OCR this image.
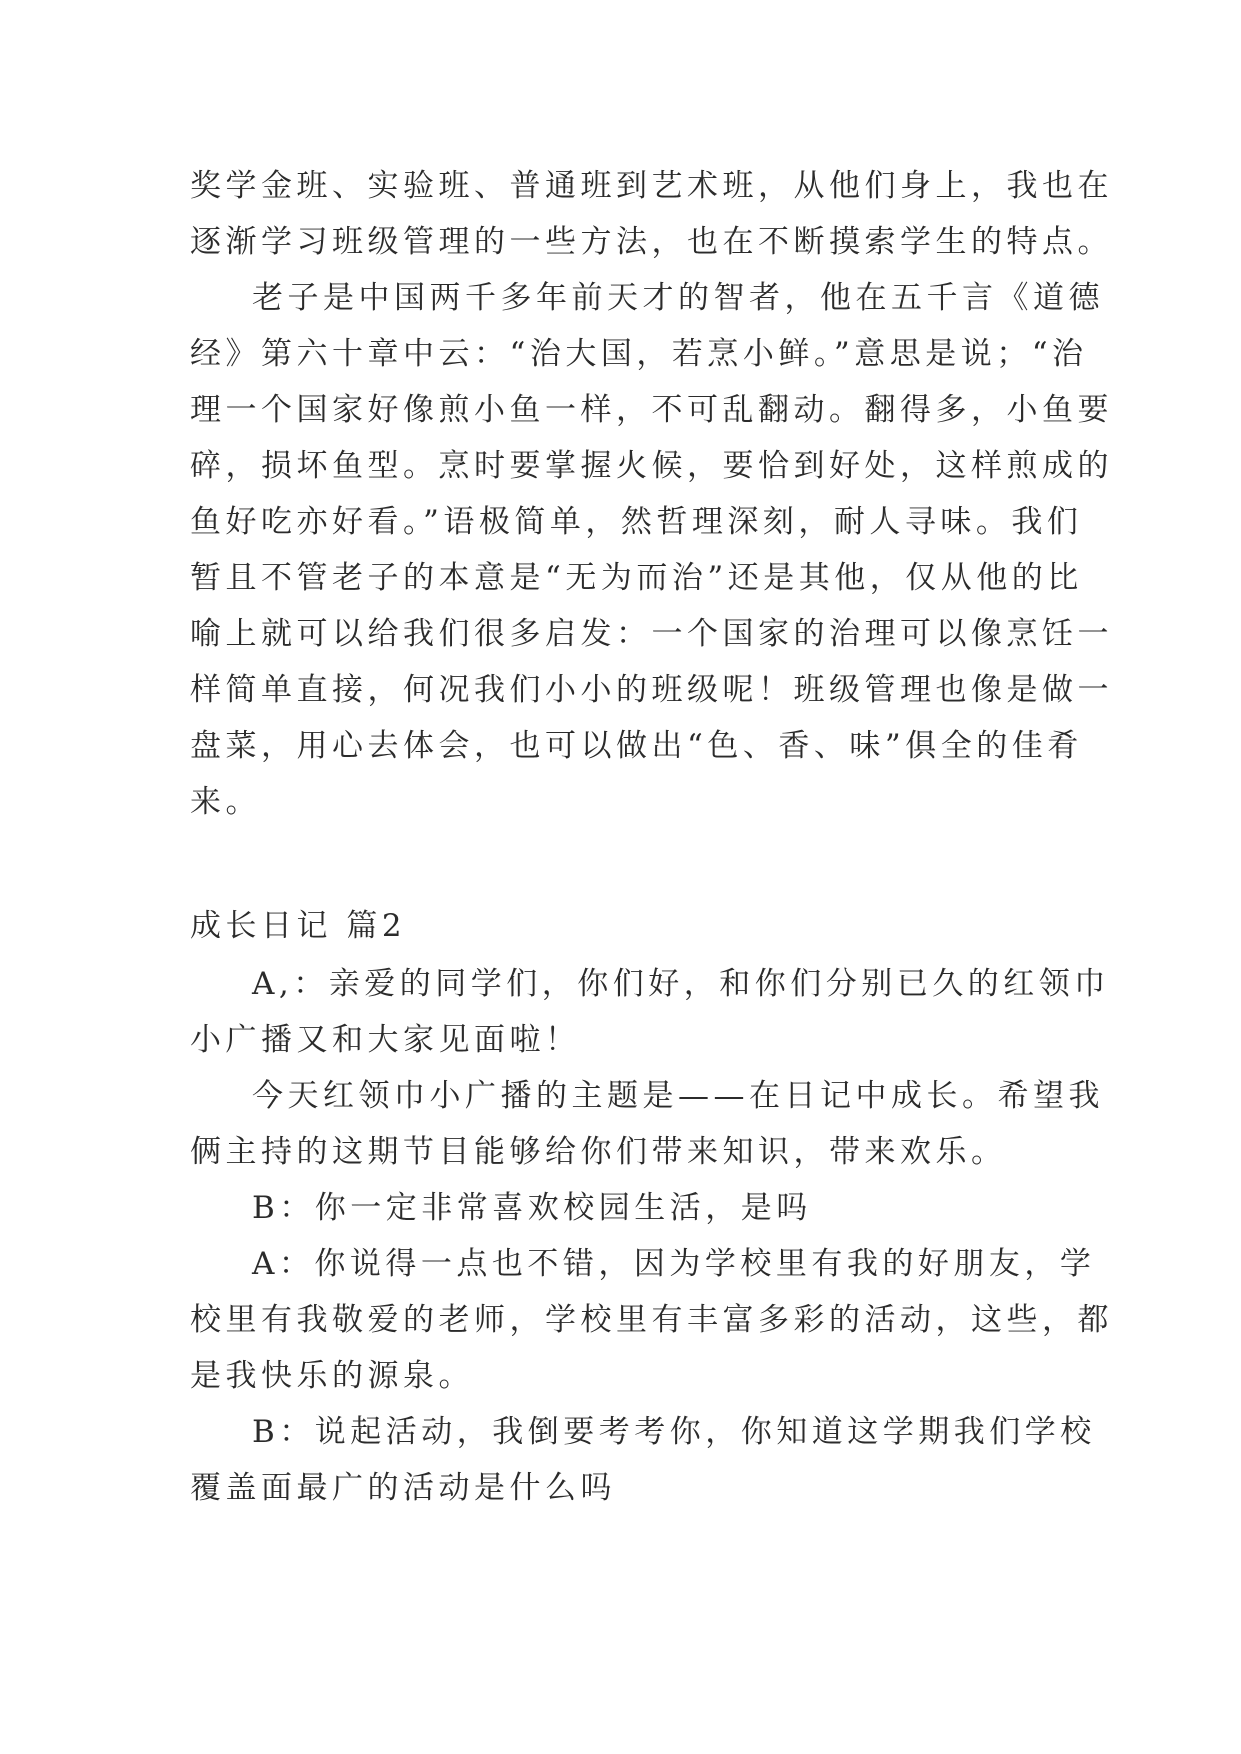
奖学金班、实验班、普通班到艺术班，从他们身上，我也在
逐渐学习班级管理的一些方法，也在不断摸索学生的特点。
老子是中国两千多年前天才的智者，他在五千言《道德
经》第六十章中云：“治大国，若烹小鲜。”意思是说；“治
理一个国家好像煎小鱼一样，不可乱翻动。翻得多，小鱼要
碎，损坏鱼型。烹时要掌握火候，要恰到好处，这样煎成的
鱼好吃亦好看。”语极简单，然哲理深刻，耐人寻味。我们
暂且不管老子的本意是“无为而治”还是其他，仅从他的比
喻上就可以给我们很多启发：一个国家的治理可以像烹饪一
样简单直接，何况我们小小的班级呢！班级管理也像是做一
盘菜，用心去体会，也可以做出“色、香、味”俱全的佳肴
来。
成长日记 篇2
A,：亲爱的同学们，你们好，和你们分别已久的红领巾
小广播又和大家见面啦！
今天红领巾小广播的主题是——在日记中成长。希望我
俩主持的这期节目能够给你们带来知识，带来欢乐。
B：你一定非常喜欢校园生活，是吗
A：你说得一点也不错，因为学校里有我的好朋友，学
校里有我敬爱的老师，学校里有丰富多彩的活动，这些，都
是我快乐的源泉。
B：说起活动，我倒要考考你，你知道这学期我们学校
覆盖面最广的活动是什么吗
